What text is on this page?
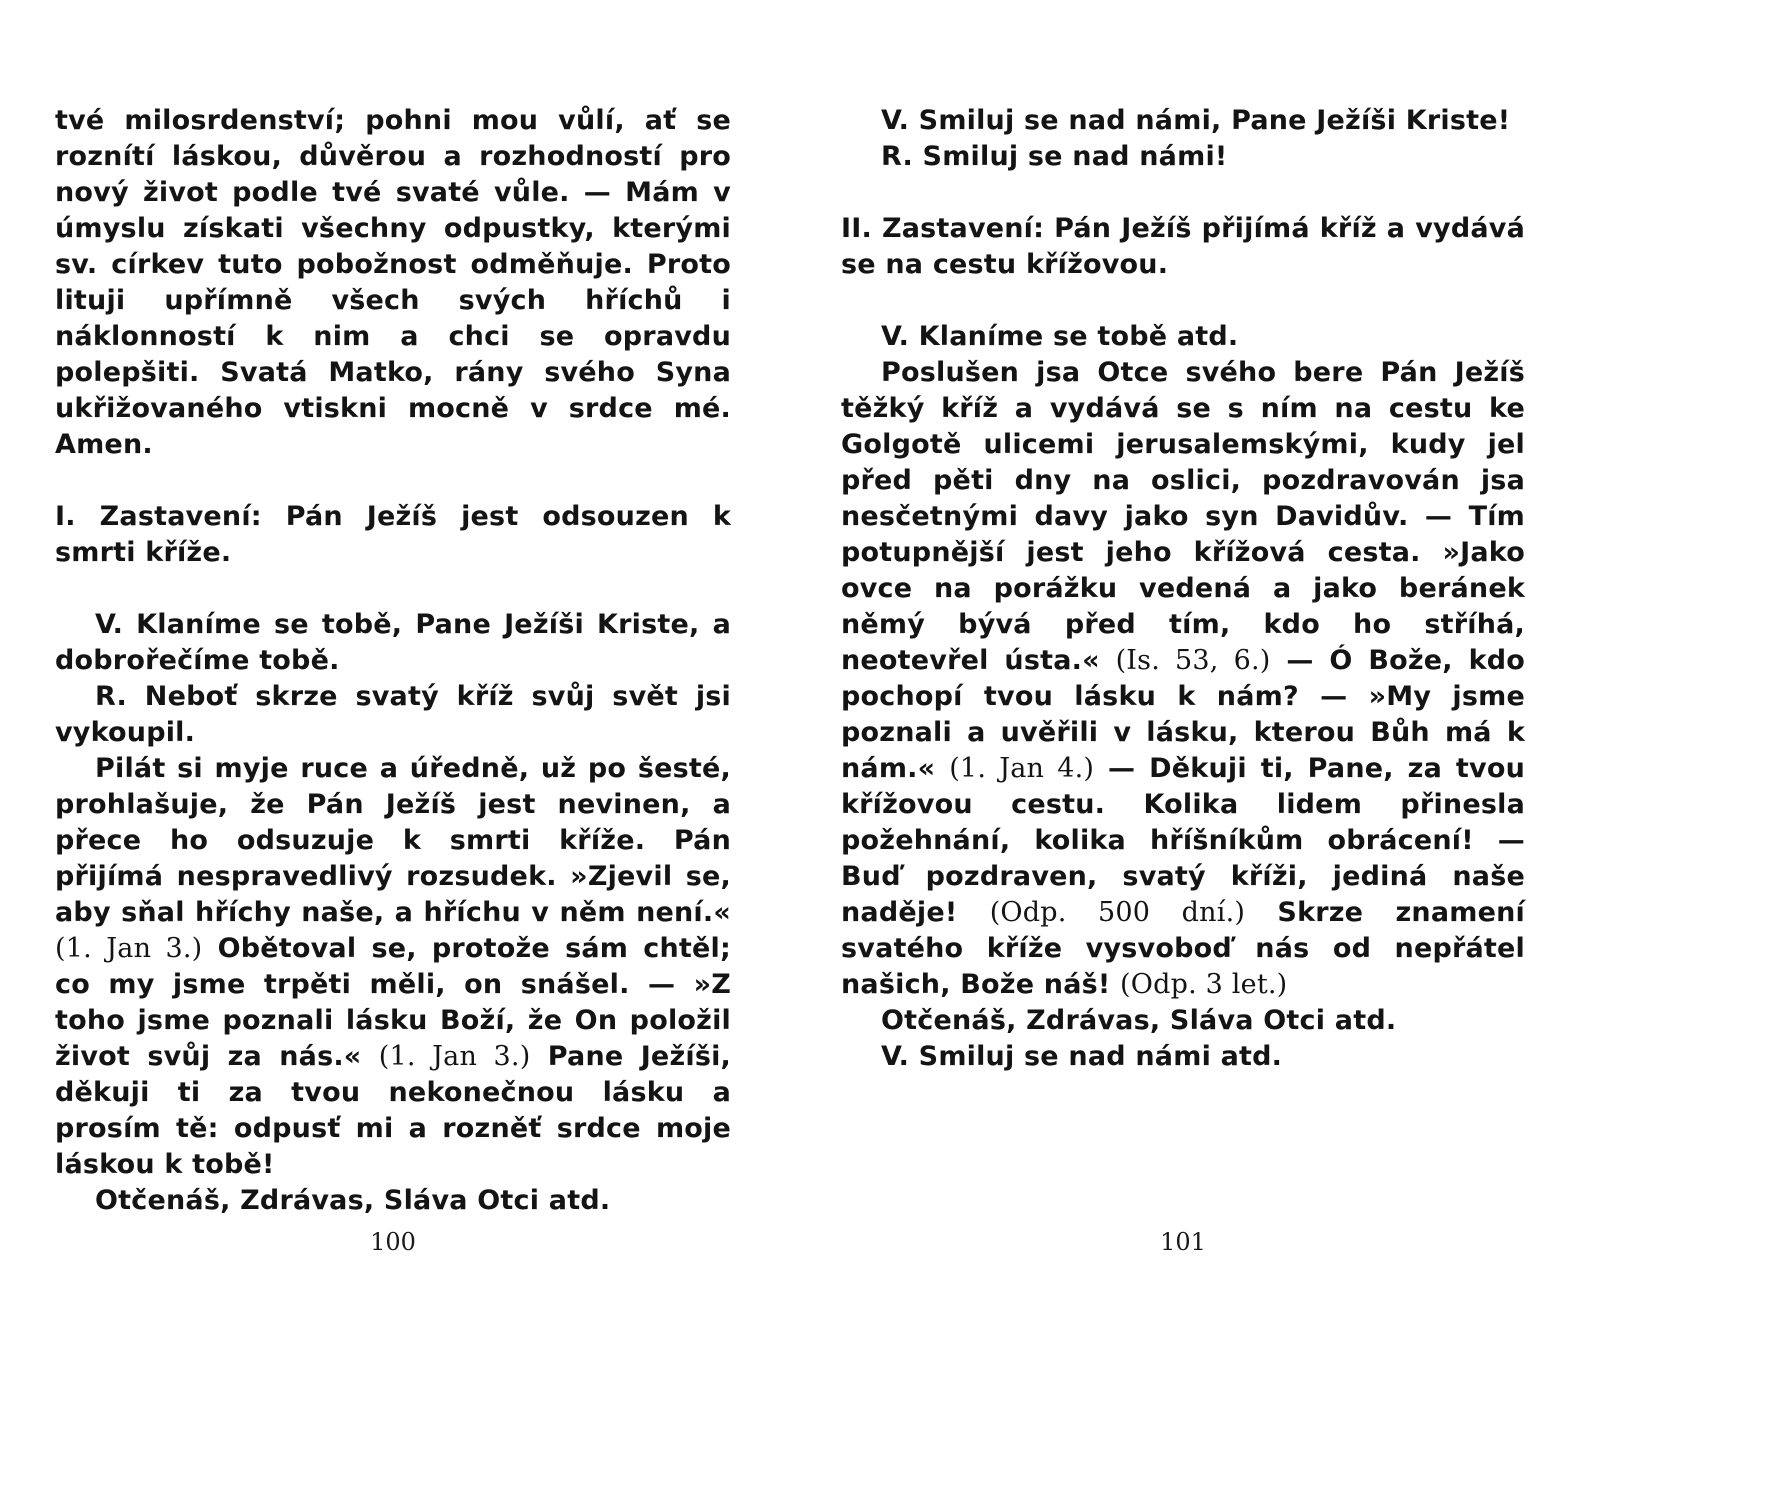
tvé milosrdenství; pohni mou vůlí, ať se roznítí láskou, důvěrou a rozhodností pro nový život podle tvé svaté vůle. — Mám v úmyslu získati všechny odpustky, kterými sv. církev tuto pobožnost odměňuje. Proto lituji upřímně všech svých hříchů i náklonností k nim a chci se opravdu polepšiti. Svatá Matko, rány svého Syna ukřižovaného vtiskni mocně v srdce mé. Amen.

I. Zastavení: Pán Ježíš jest odsouzen k smrti kříže.

V. Klaníme se tobě, Pane Ježíši Kriste, a dobrořečíme tobě.

R. Neboť skrze svatý kříž svůj svět jsi vykoupil.

Pilát si myje ruce a úředně, už po šesté, prohlašuje, že Pán Ježíš jest nevinen, a přece ho odsuzuje k smrti kříže. Pán přijímá nespravedlivý rozsudek. »Zjevil se, aby sňal hříchy naše, a hříchu v něm není.« (1. Jan 3.) Obětoval se, protože sám chtěl; co my jsme trpěti měli, on snášel. — »Z toho jsme poznali lásku Boží, že On položil život svůj za nás.« (1. Jan 3.) Pane Ježíši, děkuji ti za tvou nekonečnou lásku a prosím tě: odpusť mi a rozněť srdce moje láskou k tobě!

Otčenáš, Zdrávas, Sláva Otci atd.

V. Smiluj se nad námi, Pane Ježíši Kriste!

R. Smiluj se nad námi!

II. Zastavení: Pán Ježíš přijímá kříž a vydává se na cestu křížovou.

V. Klaníme se tobě atd.

Poslušen jsa Otce svého bere Pán Ježíš těžký kříž a vydává se s ním na cestu ke Golgotě ulicemi jerusalemskými, kudy jel před pěti dny na oslici, pozdravován jsa nesčetnými davy jako syn Davidův. — Tím potupnější jest jeho křížová cesta. »Jako ovce na porážku vedená a jako beránek němý bývá před tím, kdo ho stříhá, neotevřel ústa.« (Is. 53, 6.) — Ó Bože, kdo pochopí tvou lásku k nám? — »My jsme poznali a uvěřili v lásku, kterou Bůh má k nám.« (1. Jan 4.) — Děkuji ti, Pane, za tvou křížovou cestu. Kolika lidem přinesla požehnání, kolika hříšníkům obrácení! — Buď pozdraven, svatý kříži, jediná naše naděje! (Odp. 500 dní.) Skrze znamení svatého kříže vysvoboď nás od nepřátel našich, Bože náš! (Odp. 3 let.)

Otčenáš, Zdrávas, Sláva Otci atd.

V. Smiluj se nad námi atd.

100	101
